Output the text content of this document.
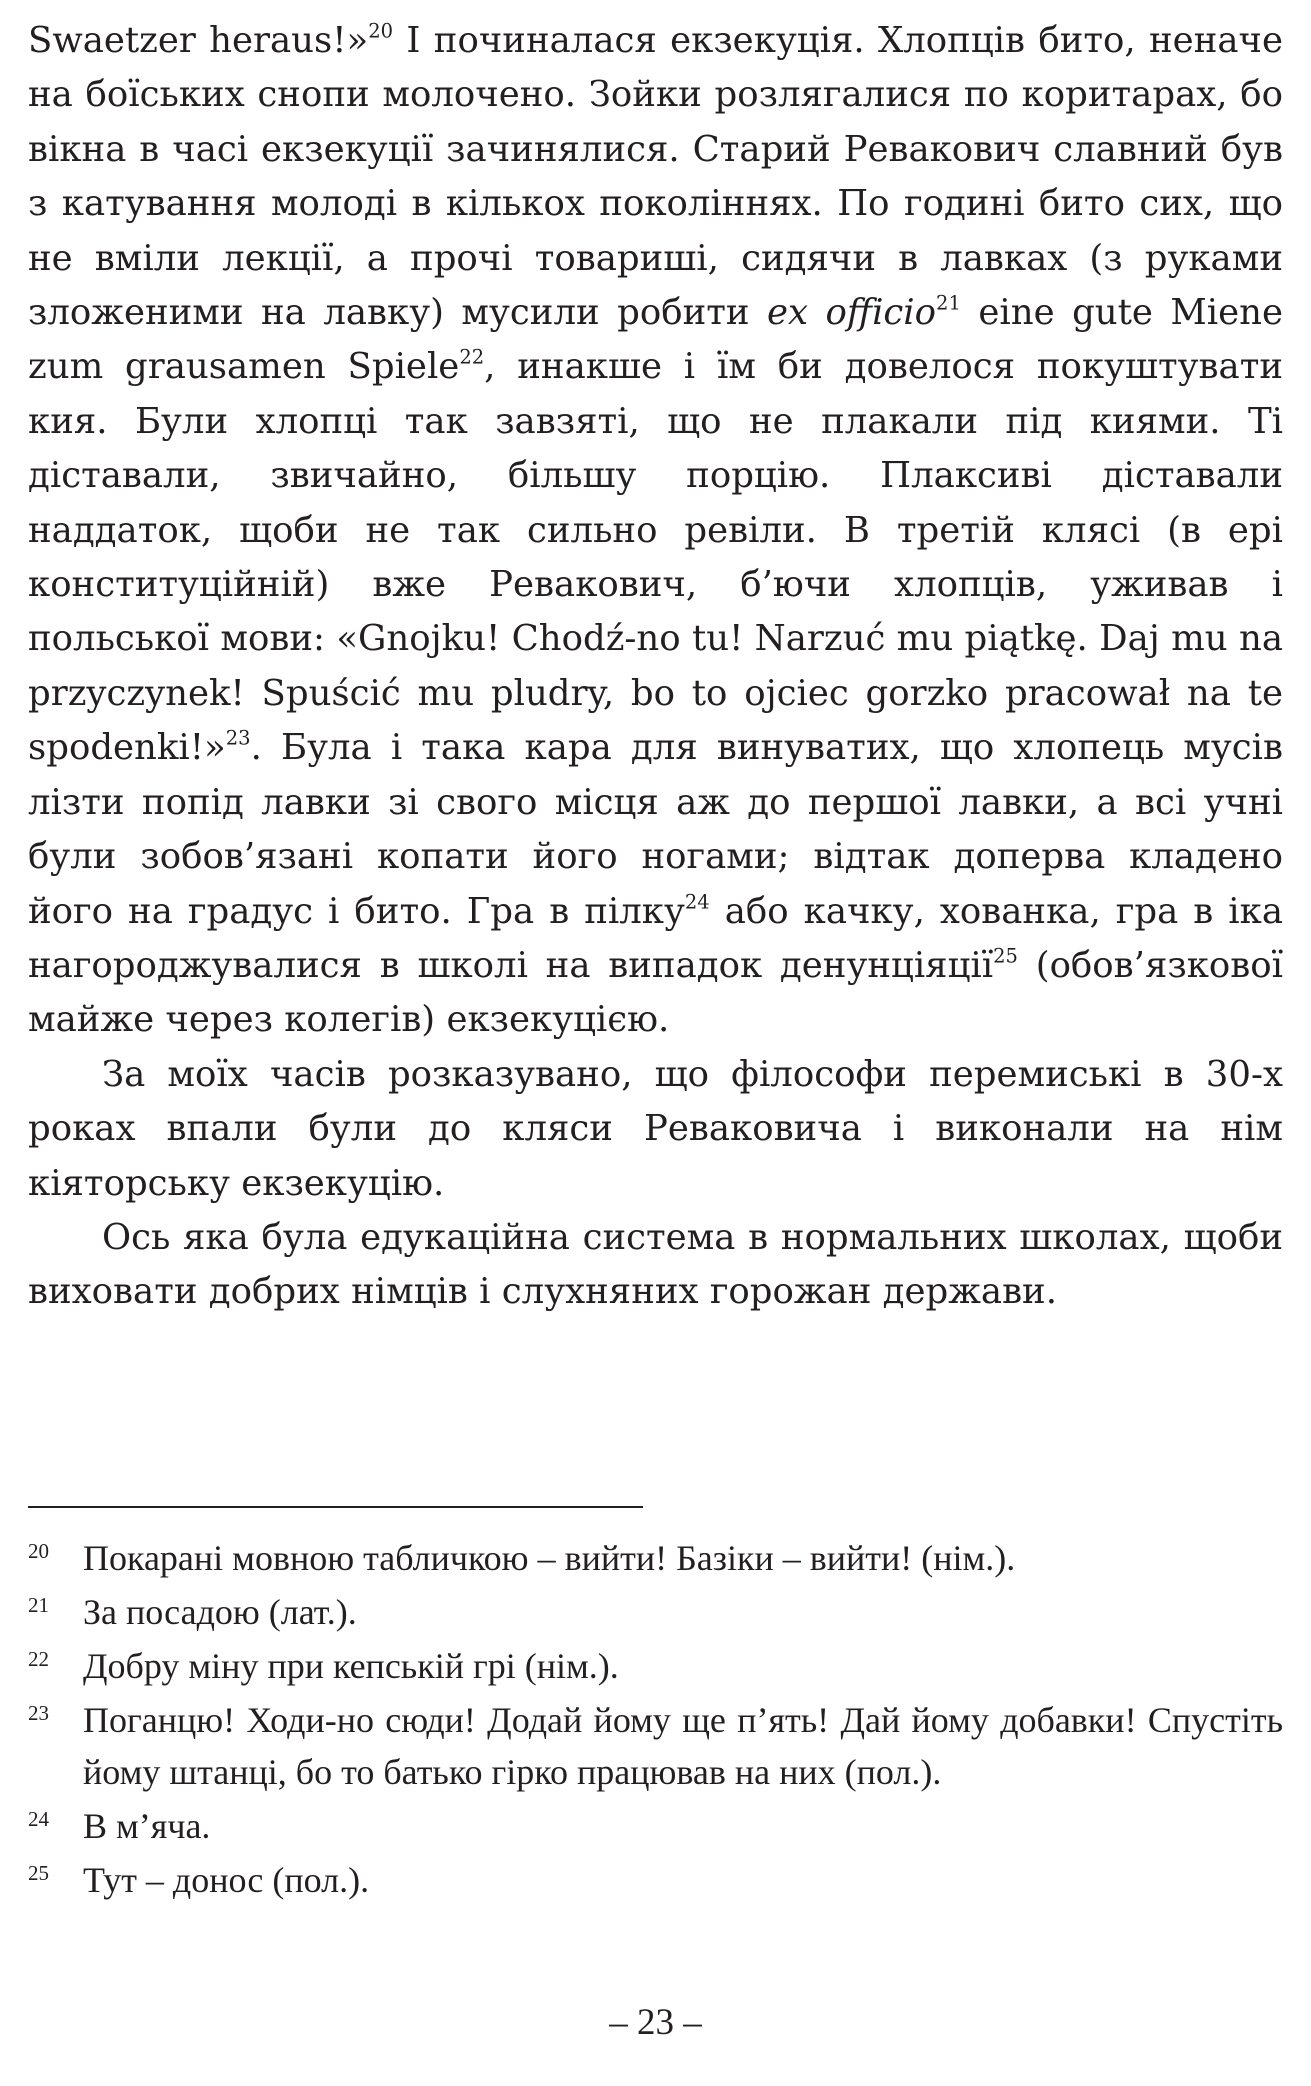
Swaetzer heraus!»$^{20}$ І починалася екзекуція. Хлопців бито, неначе на боїських снопи молочено. Зойки розлягалися по коритарах, бо вікна в часі екзекуції зачинялися. Старий Ревакович славний був з катування молоді в кількох поколіннях. По годині бито сих, що не вміли лекції, а прочі товариші, сидячи в лавках (з руками зложеними на лавку) мусили робити ex officio$^{21}$ eine gute Miene zum grausamen Spiele$^{22}$, инакше і їм би довелося покуштувати кия. Були хлопці так завзяті, що не плакали під киями. Ті діставали, звичайно, більшу порцію. Плаксиві діставали наддаток, щоби не так сильно ревіли. В третій клясі (в ері конституційній) вже Ревакович, б’ючи хлопців, уживав і польської мови: «Gnojku! Chodź-no tu! Narzuć mu piątkę. Daj mu na przyczynek! Spuścić mu pludry, bo to ojciec gorzko pracował na te spodenki!»$^{23}$. Була і така кара для винуватих, що хлопець мусів лізти попід лавки зі свого місця аж до першої лавки, а всі учні були зобов’язані копати його ногами; відтак доперва кладено його на градус і бито. Гра в пілку$^{24}$ або качку, хованка, гра в іка нагороджувалися в школі на випадок денунціяції$^{25}$ (обов’язкової майже через колегів) екзекуцією.

За моїх часів розказувано, що філософи перемиські в 30-х роках впали були до кляси Реваковича і виконали на нім кіяторську екзекуцію.

Ось яка була едукаційна система в нормальних школах, щоби виховати добрих німців і слухняних горожан держави.

20 Покарані мовною табличкою – вийти! Базіки – вийти! (нім.).
21 За посадою (лат.).
22 Добру міну при кепській грі (нім.).
23 Поганцю! Ходи-но сюди! Додай йому ще п’ять! Дай йому добавки! Спустіть йому штанці, бо то батько гірко працював на них (пол.).
24 В м’яча.
25 Тут – донос (пол.).
– 23 –
